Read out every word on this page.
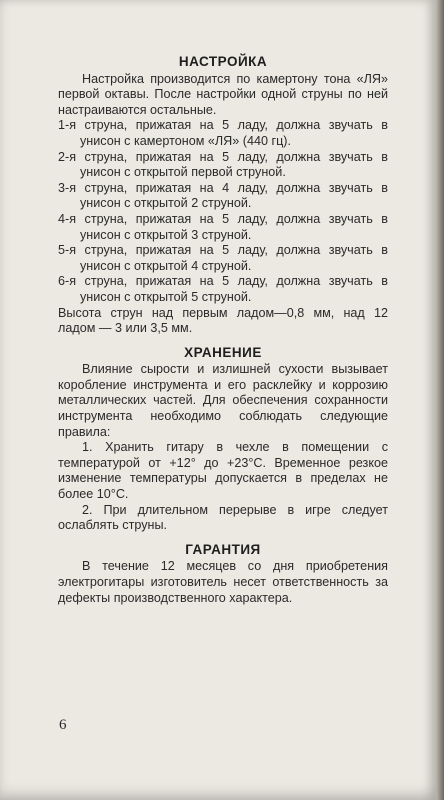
НАСТРОЙКА

Настройка производится по камертону тона «ЛЯ» первой октавы. После настройки одной струны по ней настраиваются остальные.

1-я струна, прижатая на 5 ладу, должна звучать в унисон с камертоном «ЛЯ» (440 гц).

2-я струна, прижатая на 5 ладу, должна звучать в унисон с открытой первой струной.

3-я струна, прижатая на 4 ладу, должна звучать в унисон с открытой 2 струной.

4-я струна, прижатая на 5 ладу, должна звучать в унисон с открытой 3 струной.

5-я струна, прижатая на 5 ладу, должна звучать в унисон с открытой 4 струной.

6-я струна, прижатая на 5 ладу, должна звучать в унисон с открытой 5 струной.

Высота струн над первым ладом—0,8 мм, над 12 ладом — 3 или 3,5 мм.

ХРАНЕНИЕ

Влияние сырости и излишней сухости вызывает коробление инструмента и его расклейку и коррозию металлических частей. Для обеспечения сохранности инструмента необходимо соблюдать следующие правила:

1. Хранить гитару в чехле в помещении с температурой от +12° до +23°С. Временное резкое изменение температуры допускается в пределах не более 10°С.

2. При длительном перерыве в игре следует ослаблять струны.

ГАРАНТИЯ

В течение 12 месяцев со дня приобретения электрогитары изготовитель несет ответственность за дефекты производственного характера.

6
